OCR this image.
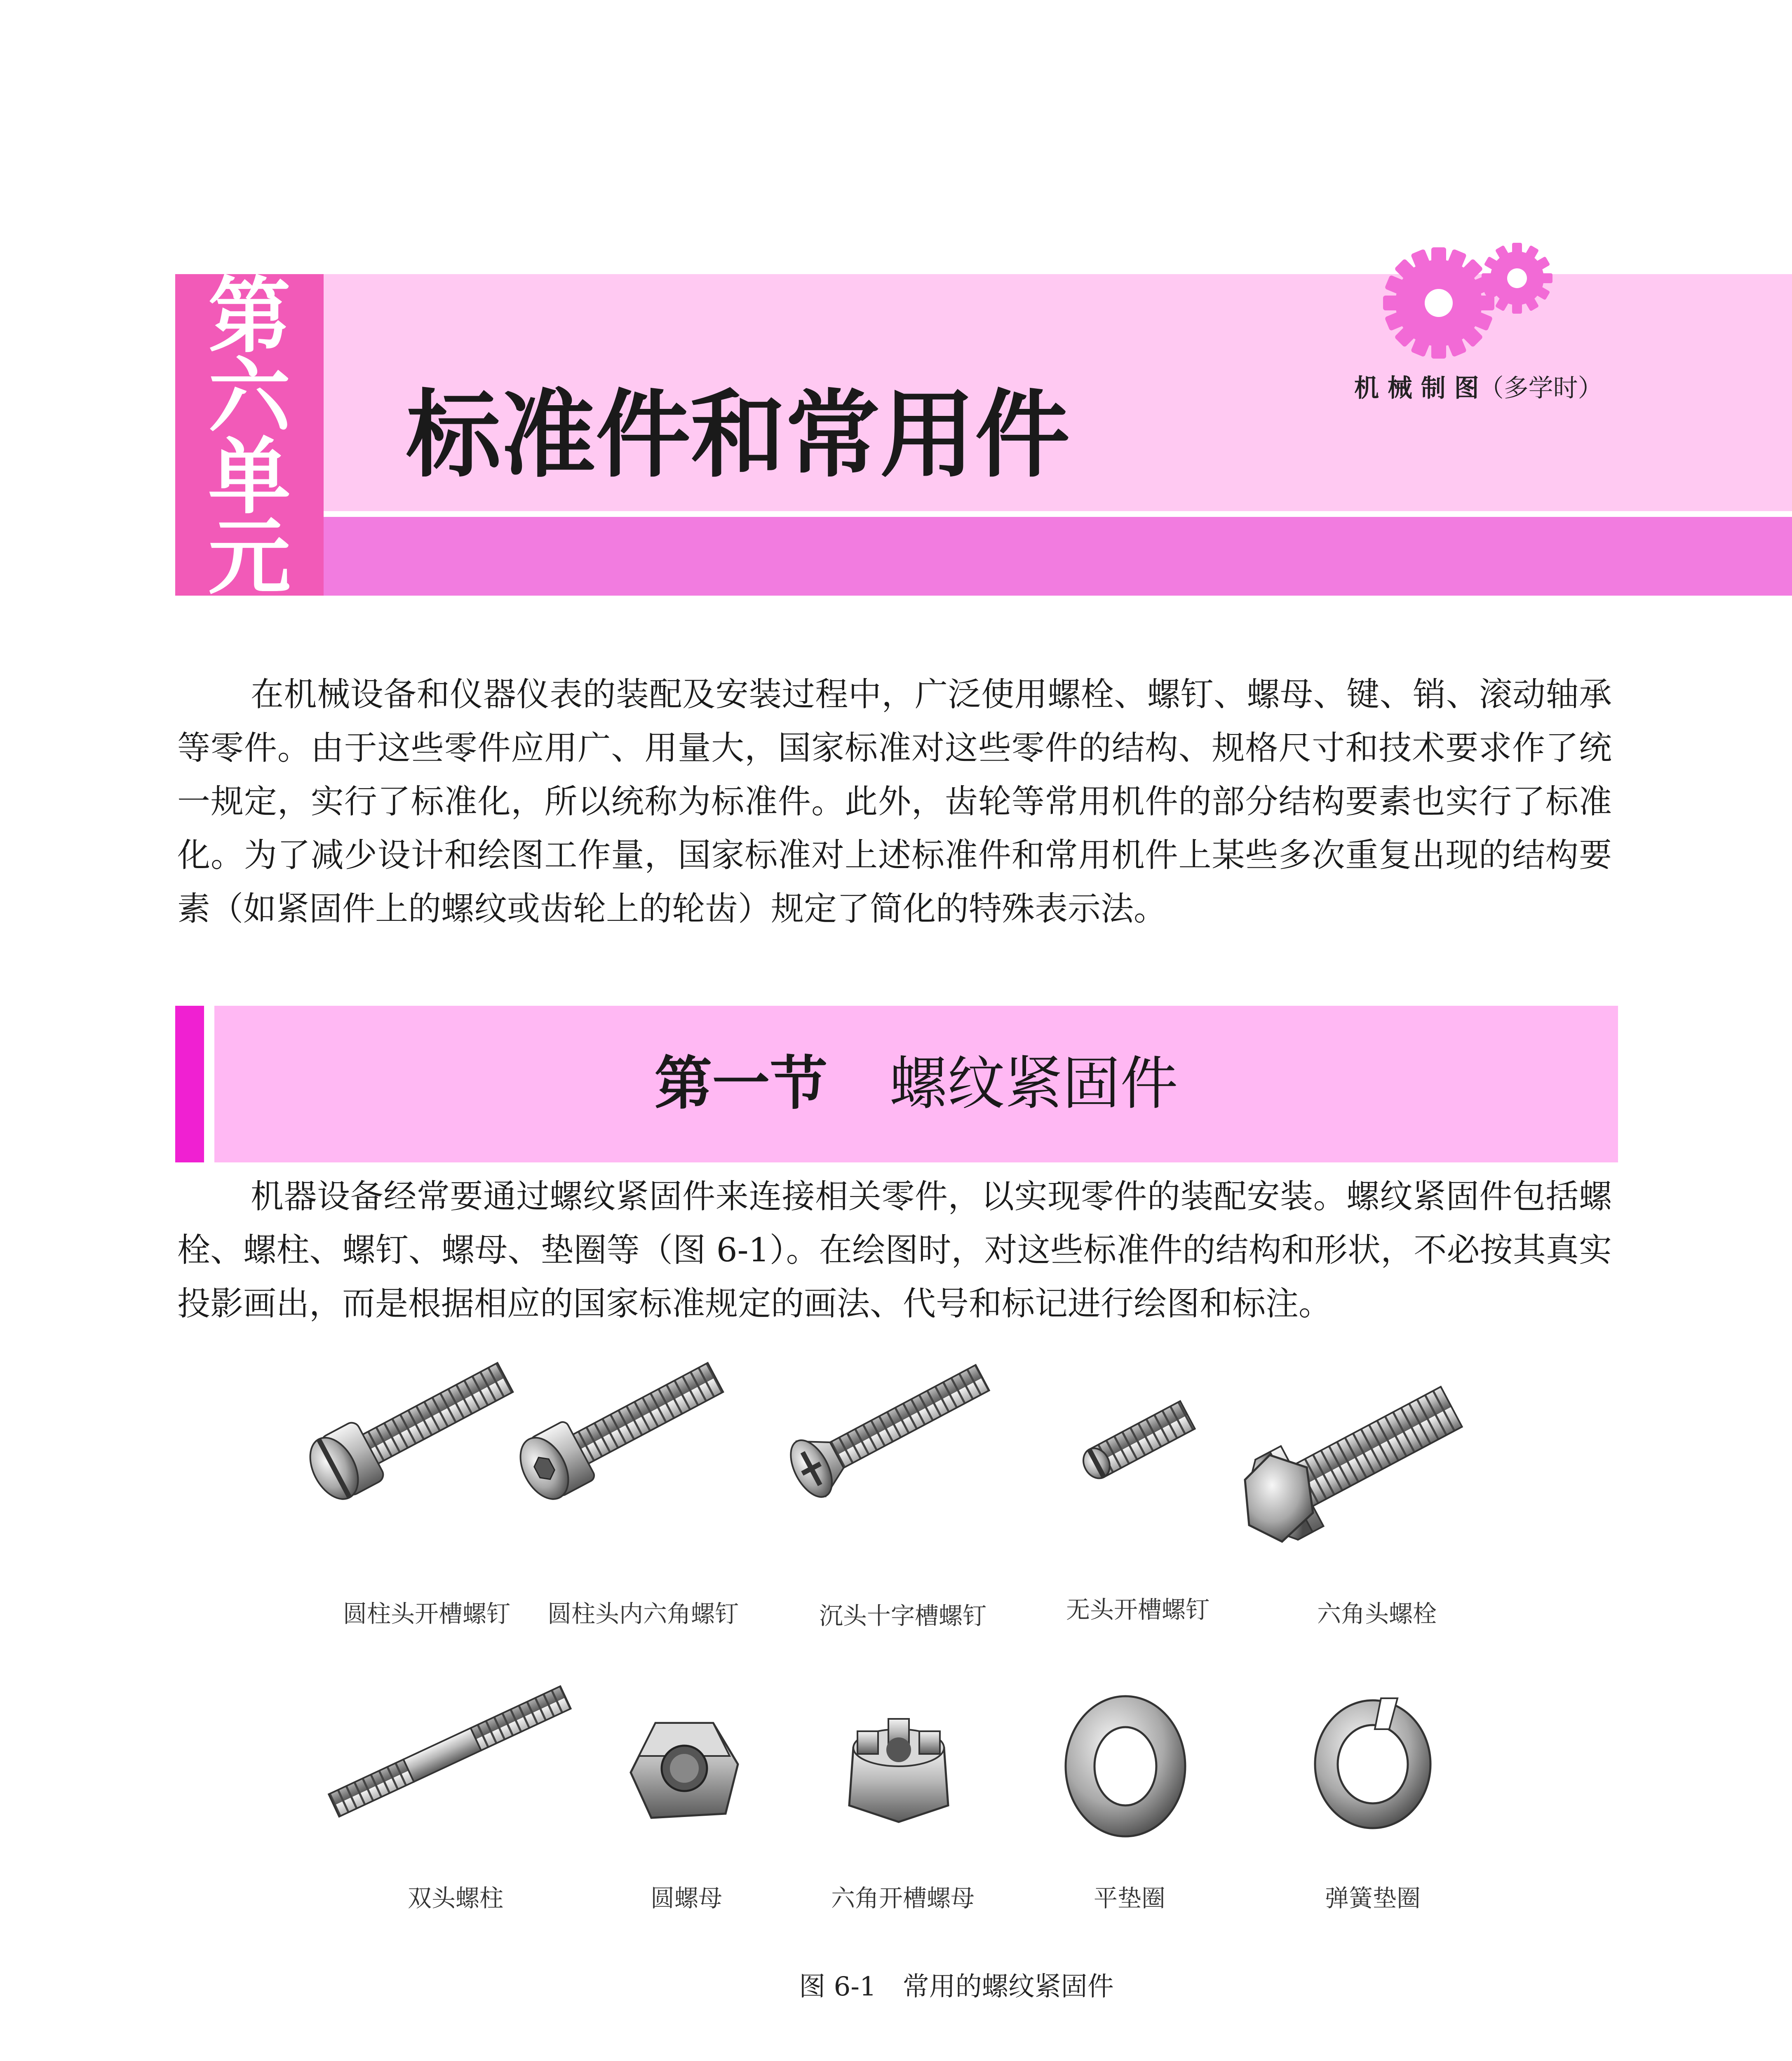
第
六
单
元
标准件和常用件	机 械 制 图（多学时）

在机械设备和仪器仪表的装配及安装过程中，广泛使用螺栓、螺钉、螺母、键、销、滚动轴承等零件。由于这些零件应用广、用量大，国家标准对这些零件的结构、规格尺寸和技术要求作了统一规定，实行了标准化，所以统称为标准件。此外，齿轮等常用机件的部分结构要素也实行了标准化。为了减少设计和绘图工作量，国家标准对上述标准件和常用机件上某些多次重复出现的结构要素（如紧固件上的螺纹或齿轮上的轮齿）规定了简化的特殊表示法。

第一节 螺纹紧固件

机器设备经常要通过螺纹紧固件来连接相关零件，以实现零件的装配安装。螺纹紧固件包括螺栓、螺柱、螺钉、螺母、垫圈等（图 6-1）。在绘图时，对这些标准件的结构和形状，不必按其真实投影画出，而是根据相应的国家标准规定的画法、代号和标记进行绘图和标注。

圆柱头开槽螺钉	圆柱头内六角螺钉	沉头十字槽螺钉	无头开槽螺钉	六角头螺栓
双头螺柱	圆螺母	六角开槽螺母	平垫圈	弹簧垫圈
图 6-1　常用的螺纹紧固件
